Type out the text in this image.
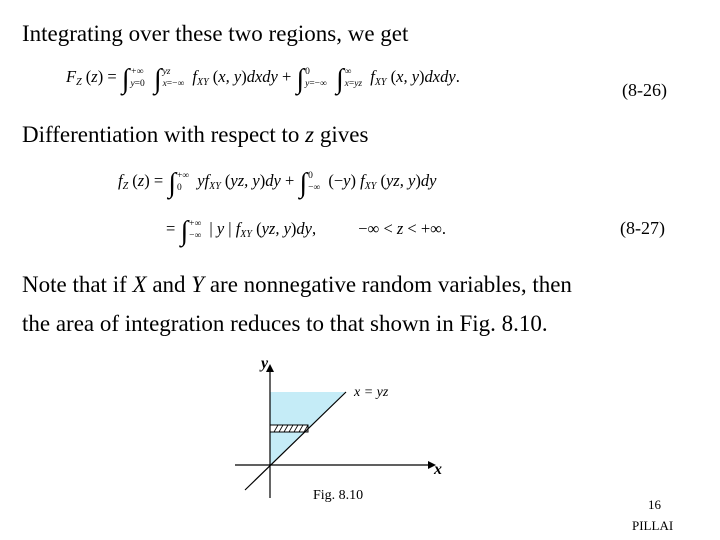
Integrating over these two regions, we get
$F_Z$ (z) = ∫+∞
y=0 ∫yz
x=−∞ $f_{XY}$ (x, y)dxdy + ∫0
y=−∞ ∫∞
x=yz $f_{XY}$ (x, y)dxdy.
(8-26)
Differentiation with respect to z gives
$f_Z$ (z) = ∫+∞
0 $yf_{XY}$ (yz, y)dy + ∫0
−∞ (−y) $f_{XY}$ (yz, y)dy
= ∫+∞
−∞ | y | $f_{XY}$ (yz, y)dy,	−∞ < z < +∞.	(8-27)
Note that if X and Y are nonnegative random variables, then
the area of integration reduces to that shown in Fig. 8.10.
y
x
x = yz
Fig. 8.10
16
PILLAI
